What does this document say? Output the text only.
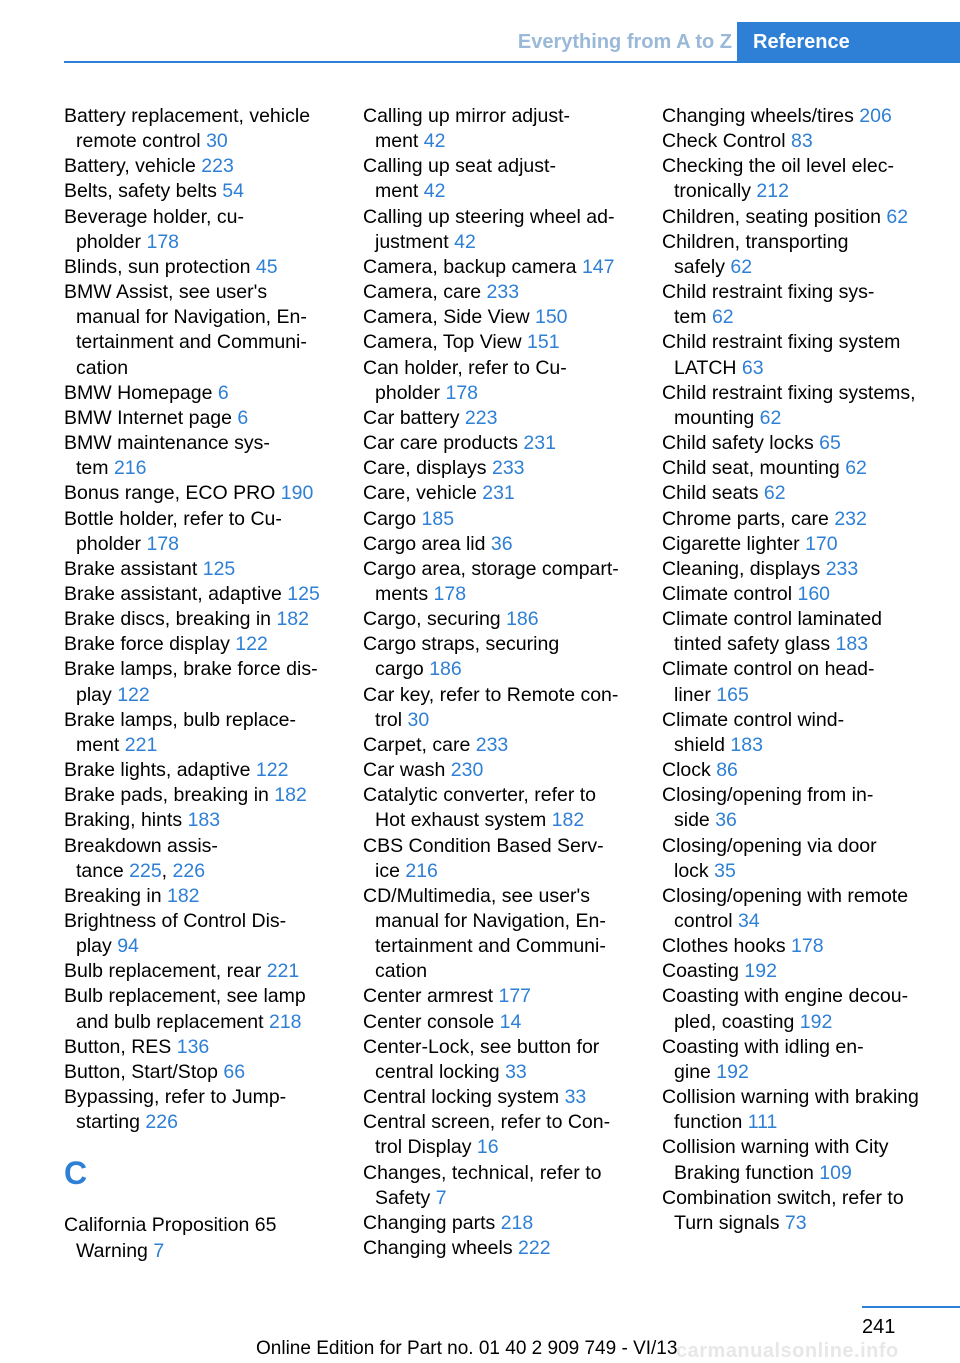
Everything from A to Z	Reference
Battery replacement, vehicle
remote control 30
Battery, vehicle 223
Belts, safety belts 54
Beverage holder, cu-
pholder 178
Blinds, sun protection 45
BMW Assist, see user's
manual for Navigation, En-
tertainment and Communi-
cation
BMW Homepage 6
BMW Internet page 6
BMW maintenance sys-
tem 216
Bonus range, ECO PRO 190
Bottle holder, refer to Cu-
pholder 178
Brake assistant 125
Brake assistant, adaptive 125
Brake discs, breaking in 182
Brake force display 122
Brake lamps, brake force dis-
play 122
Brake lamps, bulb replace-
ment 221
Brake lights, adaptive 122
Brake pads, breaking in 182
Braking, hints 183
Breakdown assis-
tance 225, 226
Breaking in 182
Brightness of Control Dis-
play 94
Bulb replacement, rear 221
Bulb replacement, see lamp
and bulb replacement 218
Button, RES 136
Button, Start/Stop 66
Bypassing, refer to Jump-
starting 226
C
California Proposition 65
Warning 7
Calling up mirror adjust-
ment 42
Calling up seat adjust-
ment 42
Calling up steering wheel ad-
justment 42
Camera, backup camera 147
Camera, care 233
Camera, Side View 150
Camera, Top View 151
Can holder, refer to Cu-
pholder 178
Car battery 223
Car care products 231
Care, displays 233
Care, vehicle 231
Cargo 185
Cargo area lid 36
Cargo area, storage compart-
ments 178
Cargo, securing 186
Cargo straps, securing
cargo 186
Car key, refer to Remote con-
trol 30
Carpet, care 233
Car wash 230
Catalytic converter, refer to
Hot exhaust system 182
CBS Condition Based Serv-
ice 216
CD/Multimedia, see user's
manual for Navigation, En-
tertainment and Communi-
cation
Center armrest 177
Center console 14
Center-Lock, see button for
central locking 33
Central locking system 33
Central screen, refer to Con-
trol Display 16
Changes, technical, refer to
Safety 7
Changing parts 218
Changing wheels 222
Changing wheels/tires 206
Check Control 83
Checking the oil level elec-
tronically 212
Children, seating position 62
Children, transporting
safely 62
Child restraint fixing sys-
tem 62
Child restraint fixing system
LATCH 63
Child restraint fixing systems,
mounting 62
Child safety locks 65
Child seat, mounting 62
Child seats 62
Chrome parts, care 232
Cigarette lighter 170
Cleaning, displays 233
Climate control 160
Climate control laminated
tinted safety glass 183
Climate control on head-
liner 165
Climate control wind-
shield 183
Clock 86
Closing/opening from in-
side 36
Closing/opening via door
lock 35
Closing/opening with remote
control 34
Clothes hooks 178
Coasting 192
Coasting with engine decou-
pled, coasting 192
Coasting with idling en-
gine 192
Collision warning with braking
function 111
Collision warning with City
Braking function 109
Combination switch, refer to
Turn signals 73
241
Online Edition for Part no. 01 40 2 909 749 - VI/13
carmanualsonline.info
